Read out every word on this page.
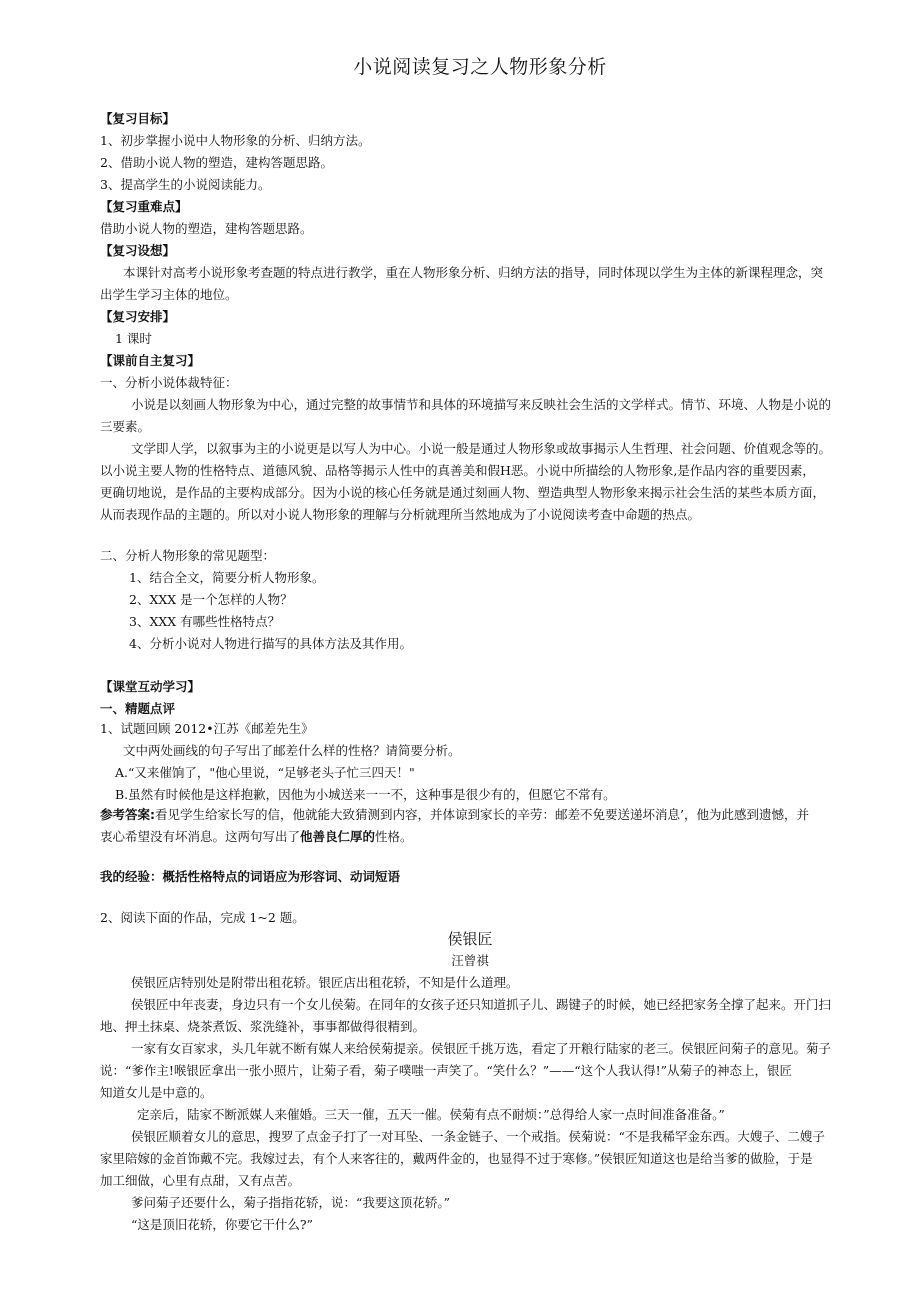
小说阅读复习之人物形象分析
【复习目标】
1、初步掌握小说中人物形象的分析、归纳方法。
2、借助小说人物的塑造，建构答题思路。
3、提高学生的小说阅读能力。
【复习重难点】
借助小说人物的塑造，建构答题思路。
【复习设想】
本课针对高考小说形象考查题的特点进行教学，重在人物形象分析、归纳方法的指导，同时体现以学生为主体的新课程理念，突
出学生学习主体的地位。
【复习安排】
1 课时
【课前自主复习】
一、分析小说体裁特征：
小说是以刻画人物形象为中心，通过完整的故事情节和具体的环境描写来反映社会生活的文学样式。情节、环境、人物是小说的
三要素。
文学即人学，以叙事为主的小说更是以写人为中心。小说一般是通过人物形象或故事揭示人生哲理、社会问题、价值观念等的。
以小说主要人物的性格特点、道德风貌、品格等揭示人性中的真善美和假H恶。小说中所描绘的人物形象,是作品内容的重要因素，
更确切地说，是作品的主要构成部分。因为小说的核心任务就是通过刻画人物、塑造典型人物形象来揭示社会生活的某些本质方面，
从而表现作品的主题的。所以对小说人物形象的理解与分析就理所当然地成为了小说阅读考查中命题的热点。
二、分析人物形象的常见题型：
1、结合全文，简要分析人物形象。
2、XXX 是一个怎样的人物？
3、XXX 有哪些性格特点？
4、分析小说对人物进行描写的具体方法及其作用。
【课堂互动学习】
一、精题点评
1、试题回顾 2012•江苏《邮差先生》
文中两处画线的句子写出了邮差什么样的性格？请简要分析。
A.“又来催饷了，"他心里说，“足够老头子忙三四天！"
B.虽然有时候他是这样抱歉，因他为小城送来一一不，这种事是很少有的，但愿它不常有。
参考答案:看见学生给家长写的信，他就能大致猜测到内容，并体谅到家长的辛劳：邮差不免要送递坏消息’，他为此感到遗憾，并
衷心希望没有坏消息。这两句写出了他善良仁厚的性格。
我的经验：概括性格特点的词语应为形容词、动词短语
2、阅读下面的作品，完成 1~2 题。
侯银匠
汪曾祺
侯银匠店特别处是附带出租花轿。银匠店出租花轿，不知是什么道理。
侯银匠中年丧妻，身边只有一个女儿侯菊。在同年的女孩子还只知道抓子儿、踢键子的时候，她已经把家务全撑了起来。开门扫
地、押土抹桌、烧茶煮饭、浆洗缝补，事事都做得很精到。
一家有女百家求，头几年就不断有媒人来给侯菊提亲。侯银匠千挑万选，看定了开粮行陆家的老三。侯银匠问菊子的意见。菊子
说：“爹作主!喉银匠拿出一张小照片，让菊子看，菊子噗嗤一声笑了。“笑什么？”——“这个人我认得!”从菊子的神态上，银匠
知道女儿是中意的。
定亲后，陆家不断派媒人来催婚。三天一催，五天一催。侯菊有点不耐烦：”总得给人家一点时间准备准备。”
侯银匠顺着女儿的意思，搜罗了点金子打了一对耳坠、一条金链子、一个戒指。侯菊说：“不是我稀罕金东西。大嫂子、二嫂子
家里陪嫁的金首饰戴不完。我嫁过去，有个人来客往的，戴两件金的，也显得不过于寒修。”侯银匠知道这也是给当爹的做脸，于是
加工细做，心里有点甜，又有点苦。
爹问菊子还要什么，菊子指指花轿，说：“我要这顶花轿。”
“这是顶旧花轿，你要它干什么?”
